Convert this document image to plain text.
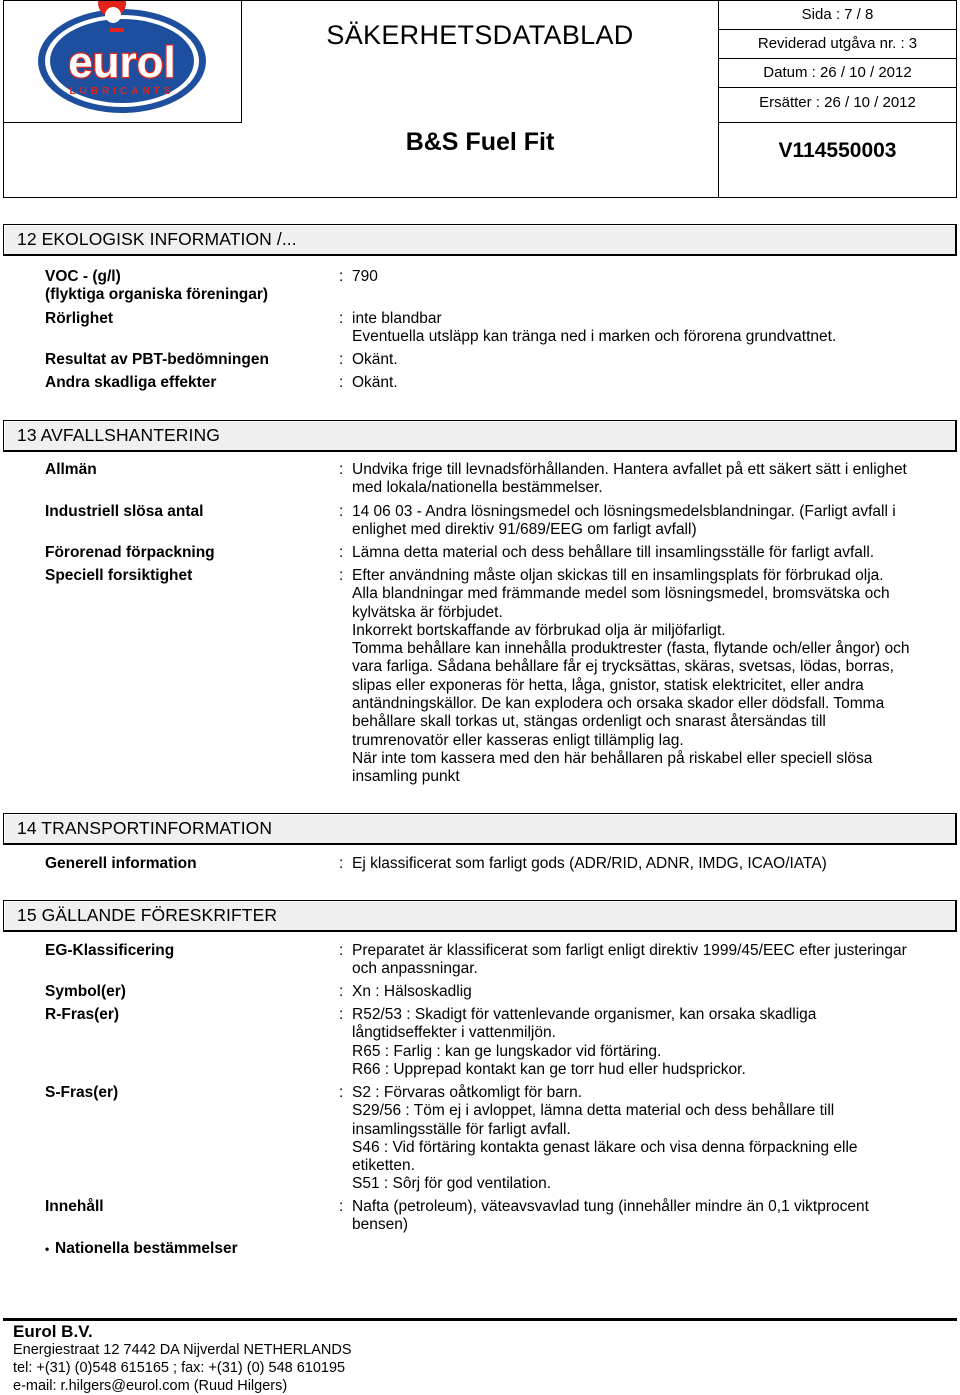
eurol
LUBRICANTS
SÄKERHETSDATABLAD
B&S Fuel Fit
Sida : 7 / 8
Reviderad utgåva nr. : 3
Datum : 26 / 10 / 2012
Ersätter : 26 / 10 / 2012
V114550003
12 EKOLOGISK INFORMATION /...
VOC - (g/l)
(flyktiga organiska föreningar)
: 790
Rörlighet	: inte blandbar
Eventuella utsläpp kan tränga ned i marken och förorena grundvattnet.
Resultat av PBT-bedömningen	: Okänt.
Andra skadliga effekter	: Okänt.
13 AVFALLSHANTERING
Allmän	: Undvika frige till levnadsförhållanden. Hantera avfallet på ett säkert sätt i enlighet
med lokala/nationella bestämmelser.
Industriell slösa antal	: 14 06 03 - Andra lösningsmedel och lösningsmedelsblandningar. (Farligt avfall i
enlighet med direktiv 91/689/EEG om farligt avfall)
Förorenad förpackning	: Lämna detta material och dess behållare till insamlingsställe för farligt avfall.
Speciell forsiktighet	: Efter användning måste oljan skickas till en insamlingsplats för förbrukad olja.
Alla blandningar med främmande medel som lösningsmedel, bromsvätska och
kylvätska är förbjudet.
Inkorrekt bortskaffande av förbrukad olja är miljöfarligt.
Tomma behållare kan innehålla produktrester (fasta, flytande och/eller ångor) och
vara farliga. Sådana behållare får ej trycksättas, skäras, svetsas, lödas, borras,
slipas eller exponeras för hetta, låga, gnistor, statisk elektricitet, eller andra
antändningskällor. De kan explodera och orsaka skador eller dödsfall. Tomma
behållare skall torkas ut, stängas ordenligt och snarast återsändas till
trumrenovatör eller kasseras enligt tillämplig lag.
När inte tom kassera med den här behållaren på riskabel eller speciell slösa
insamling punkt
14 TRANSPORTINFORMATION
Generell information	: Ej klassificerat som farligt gods (ADR/RID, ADNR, IMDG, ICAO/IATA)
15 GÄLLANDE FÖRESKRIFTER
EG-Klassificering	: Preparatet är klassificerat som farligt enligt direktiv 1999/45/EEC efter justeringar
och anpassningar.
Symbol(er)	: Xn : Hälsoskadlig
R-Fras(er)	: R52/53 : Skadigt för vattenlevande organismer, kan orsaka skadliga
långtidseffekter i vattenmiljön.
R65 : Farlig : kan ge lungskador vid förtäring.
R66 : Upprepad kontakt kan ge torr hud eller hudsprickor.
S-Fras(er)	: S2 : Förvaras oåtkomligt för barn.
S29/56 : Töm ej i avloppet, lämna detta material och dess behållare till
insamlingsställe för farligt avfall.
S46 : Vid förtäring kontakta genast läkare och visa denna förpackning elle
etiketten.
S51 : Sôrj för god ventilation.
Innehåll	: Nafta (petroleum), väteavsvavlad tung (innehåller mindre än 0,1 viktprocent
bensen)
• Nationella bestämmelser
Eurol B.V.
Energiestraat 12 7442 DA Nijverdal NETHERLANDS
tel: +(31) (0)548 615165 ; fax: +(31) (0) 548 610195
e-mail: r.hilgers@eurol.com (Ruud Hilgers)
